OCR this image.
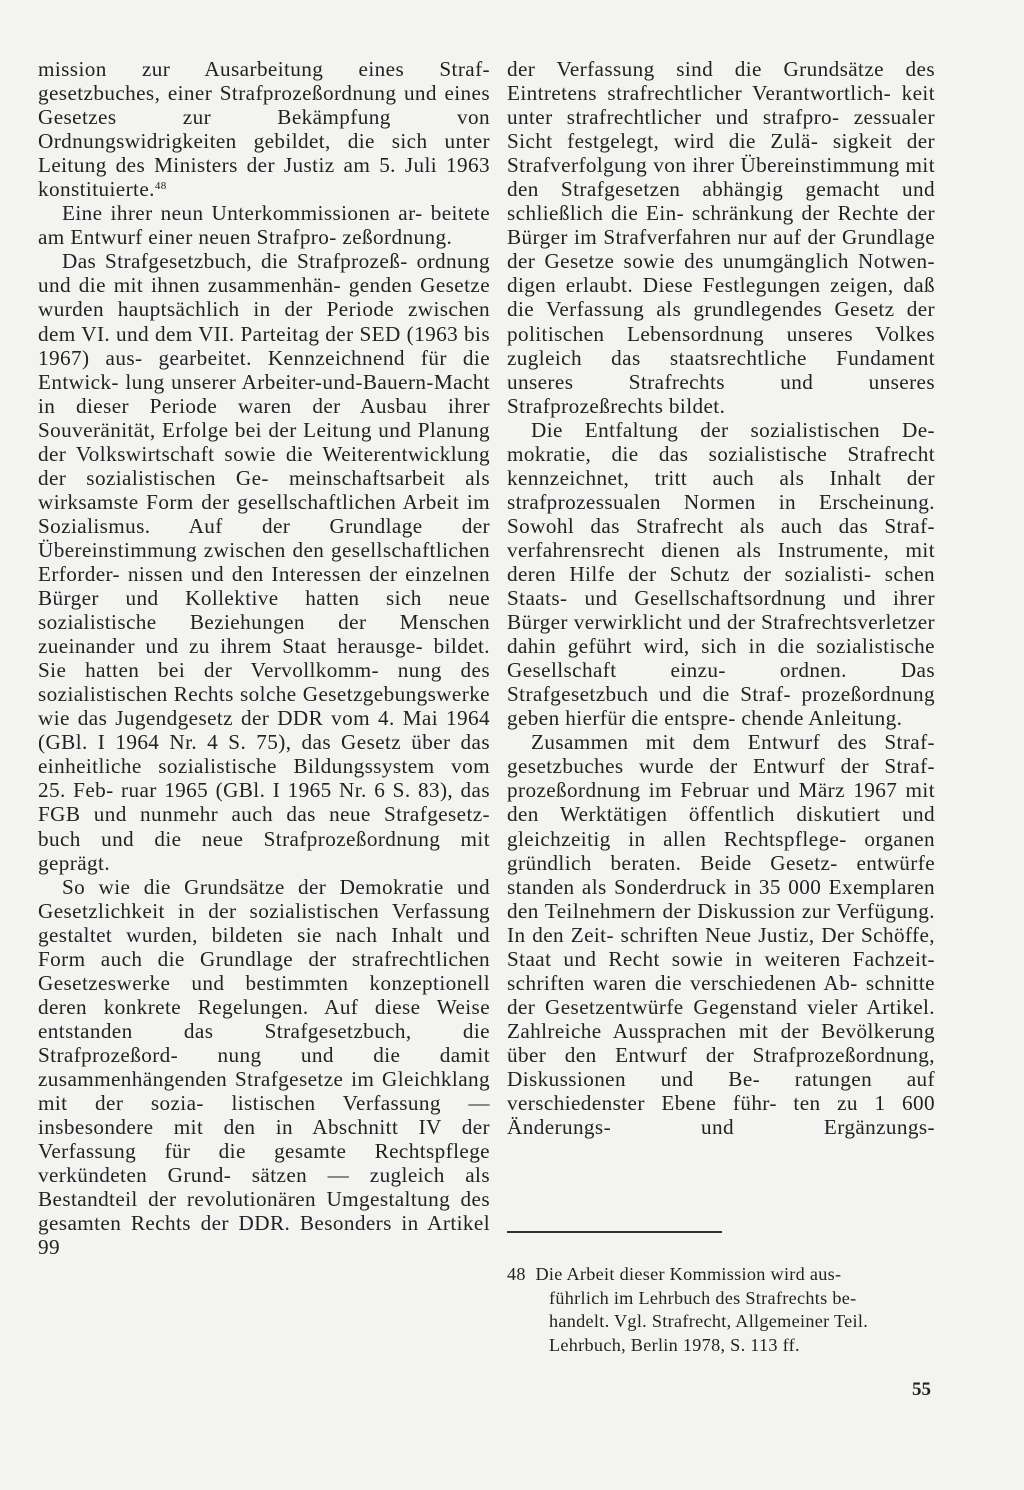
mission zur Ausarbeitung eines Straf- gesetzbuches, einer Strafprozeßordnung und eines Gesetzes zur Bekämpfung von Ordnungswidrigkeiten gebildet, die sich unter Leitung des Ministers der Justiz am 5. Juli 1963 konstituierte.$^{48}$

Eine ihrer neun Unterkommissionen ar- beitete am Entwurf einer neuen Strafpro- zeßordnung.

Das Strafgesetzbuch, die Strafprozeß- ordnung und die mit ihnen zusammenhän- genden Gesetze wurden hauptsächlich in der Periode zwischen dem VI. und dem VII. Parteitag der SED (1963 bis 1967) aus- gearbeitet. Kennzeichnend für die Entwick- lung unserer Arbeiter-und-Bauern-Macht in dieser Periode waren der Ausbau ihrer Souveränität, Erfolge bei der Leitung und Planung der Volkswirtschaft sowie die Weiterentwicklung der sozialistischen Ge- meinschaftsarbeit als wirksamste Form der gesellschaftlichen Arbeit im Sozialismus. Auf der Grundlage der Übereinstimmung zwischen den gesellschaftlichen Erforder- nissen und den Interessen der einzelnen Bürger und Kollektive hatten sich neue sozialistische Beziehungen der Menschen zueinander und zu ihrem Staat herausge- bildet. Sie hatten bei der Vervollkomm- nung des sozialistischen Rechts solche Gesetzgebungswerke wie das Jugendgesetz der DDR vom 4. Mai 1964 (GBl. I 1964 Nr. 4 S. 75), das Gesetz über das einheitliche sozialistische Bildungssystem vom 25. Feb- ruar 1965 (GBl. I 1965 Nr. 6 S. 83), das FGB und nunmehr auch das neue Strafgesetz- buch und die neue Strafprozeßordnung mit geprägt.

So wie die Grundsätze der Demokratie und Gesetzlichkeit in der sozialistischen Verfassung gestaltet wurden, bildeten sie nach Inhalt und Form auch die Grundlage der strafrechtlichen Gesetzeswerke und bestimmten konzeptionell deren konkrete Regelungen. Auf diese Weise entstanden das Strafgesetzbuch, die Strafprozeßord- nung und die damit zusammenhängenden Strafgesetze im Gleichklang mit der sozia- listischen Verfassung — insbesondere mit den in Abschnitt IV der Verfassung für die gesamte Rechtspflege verkündeten Grund- sätzen — zugleich als Bestandteil der revolutionären Umgestaltung des gesamten Rechts der DDR. Besonders in Artikel 99

der Verfassung sind die Grundsätze des Eintretens strafrechtlicher Verantwortlich- keit unter strafrechtlicher und strafpro- zessualer Sicht festgelegt, wird die Zulä- sigkeit der Strafverfolgung von ihrer Übereinstimmung mit den Strafgesetzen abhängig gemacht und schließlich die Ein- schränkung der Rechte der Bürger im Strafverfahren nur auf der Grundlage der Gesetze sowie des unumgänglich Notwen- digen erlaubt. Diese Festlegungen zeigen, daß die Verfassung als grundlegendes Gesetz der politischen Lebensordnung unseres Volkes zugleich das staatsrechtliche Fundament unseres Strafrechts und	unseres Strafprozeßrechts bildet.

Die Entfaltung der sozialistischen De- mokratie, die das sozialistische Strafrecht kennzeichnet, tritt auch als Inhalt der strafprozessualen Normen in Erscheinung. Sowohl das Strafrecht als auch das Straf- verfahrensrecht dienen als Instrumente, mit deren Hilfe der Schutz der sozialisti- schen Staats- und Gesellschaftsordnung und ihrer Bürger verwirklicht und der Strafrechtsverletzer dahin geführt wird, sich in die sozialistische Gesellschaft einzu-	ordnen. Das Strafgesetzbuch und die Straf- prozeßordnung geben hierfür die entspre- chende Anleitung.

Zusammen mit dem Entwurf des Straf- gesetzbuches wurde der Entwurf der Straf- prozeßordnung im Februar und März 1967 mit den Werktätigen öffentlich diskutiert und gleichzeitig in allen Rechtspflege- organen gründlich beraten. Beide Gesetz- entwürfe standen als Sonderdruck in 35 000 Exemplaren den Teilnehmern der Diskussion zur Verfügung. In den Zeit- schriften Neue Justiz, Der Schöffe, Staat und Recht sowie in weiteren Fachzeit- schriften waren die verschiedenen Ab- schnitte der Gesetzentwürfe Gegenstand vieler Artikel. Zahlreiche Aussprachen mit der Bevölkerung über den Entwurf der Strafprozeßordnung, Diskussionen und Be- ratungen auf verschiedenster Ebene führ- ten zu 1 600 Änderungs- und Ergänzungs-

48 Die Arbeit dieser Kommission wird aus-
führlich im Lehrbuch des Strafrechts be-
handelt. Vgl. Strafrecht, Allgemeiner Teil.
Lehrbuch, Berlin 1978, S. 113 ff.
55
